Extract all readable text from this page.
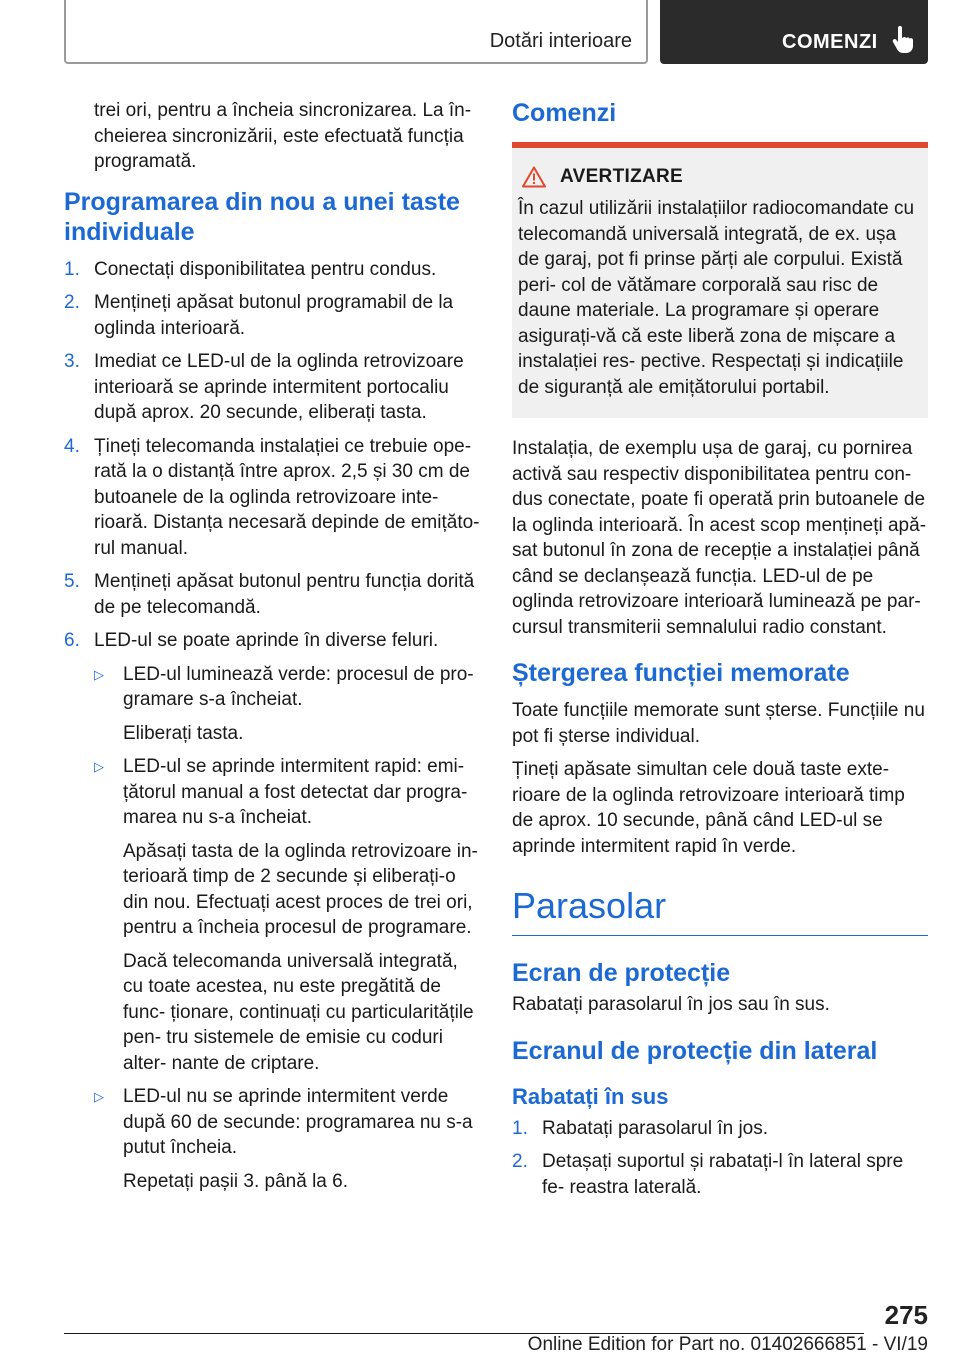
Dotări interioare	COMENZI

trei ori, pentru a încheia sincronizarea. La în‐ cheierea sincronizării, este efectuată funcția programată.

Programarea din nou a unei taste individuale
1. Conectați disponibilitatea pentru condus.

2. Mențineți apăsat butonul programabil de la oglinda interioară.

3. Imediat ce LED-ul de la oglinda retrovizoare interioară se aprinde intermitent portocaliu după aprox. 20 secunde, eliberați tasta.

4. Țineți telecomanda instalației ce trebuie ope‐ rată la o distanță între aprox. 2,5 și 30 cm de butoanele de la oglinda retrovizoare inte‐ rioară. Distanța necesară depinde de emițăto‐ rul manual.

5. Mențineți apăsat butonul pentru funcția dorită de pe telecomandă.

6. LED-ul se poate aprinde în diverse feluri.

▷	LED-ul luminează verde: procesul de pro‐ gramare s-a încheiat.

Eliberați tasta.

▷	LED-ul se aprinde intermitent rapid: emi‐ țătorul manual a fost detectat dar progra‐ marea nu s-a încheiat.

Apăsați tasta de la oglinda retrovizoare in‐ terioară timp de 2 secunde și eliberați-o din nou. Efectuați acest proces de trei ori, pentru a încheia procesul de programare.

Dacă telecomanda universală integrată, cu toate acestea, nu este pregătită de func‐ ționare, continuați cu particularitățile pen‐ tru sistemele de emisie cu coduri alter‐ nante de criptare.

▷	LED-ul nu se aprinde intermitent verde după 60 de secunde: programarea nu s-a putut încheia.

Repetați pașii 3. până la 6.

Comenzi
AVERTIZARE

În cazul utilizării instalațiilor radiocomandate cu telecomandă universală integrată, de ex. ușa de garaj, pot fi prinse părți ale corpului. Există peri‐ col de vătămare corporală sau risc de daune materiale. La programare și operare asigurați-vă că este liberă zona de mișcare a instalației res‐ pective. Respectați și indicațiile de siguranță ale emițătorului portabil.

Instalația, de exemplu ușa de garaj, cu pornirea activă sau respectiv disponibilitatea pentru con‐ dus conectate, poate fi operată prin butoanele de la oglinda interioară. În acest scop mențineți apă‐ sat butonul în zona de recepție a instalației până când se declanșează funcția. LED-ul de pe oglinda retrovizoare interioară luminează pe par‐ cursul transmiterii semnalului radio constant.

Ștergerea funcției memorate

Toate funcțiile memorate sunt șterse. Funcțiile nu pot fi șterse individual.

Țineți apăsate simultan cele două taste exte‐ rioare de la oglinda retrovizoare interioară timp de aprox. 10 secunde, până când LED-ul se aprinde intermitent rapid în verde.

Parasolar
Ecran de protecție

Rabatați parasolarul în jos sau în sus.

Ecranul de protecție din lateral
Rabatați în sus
1. Rabatați parasolarul în jos.

2. Detașați suportul și rabatați-l în lateral spre fe‐ reastra laterală.

275
Online Edition for Part no. 01402666851 - VI/19
